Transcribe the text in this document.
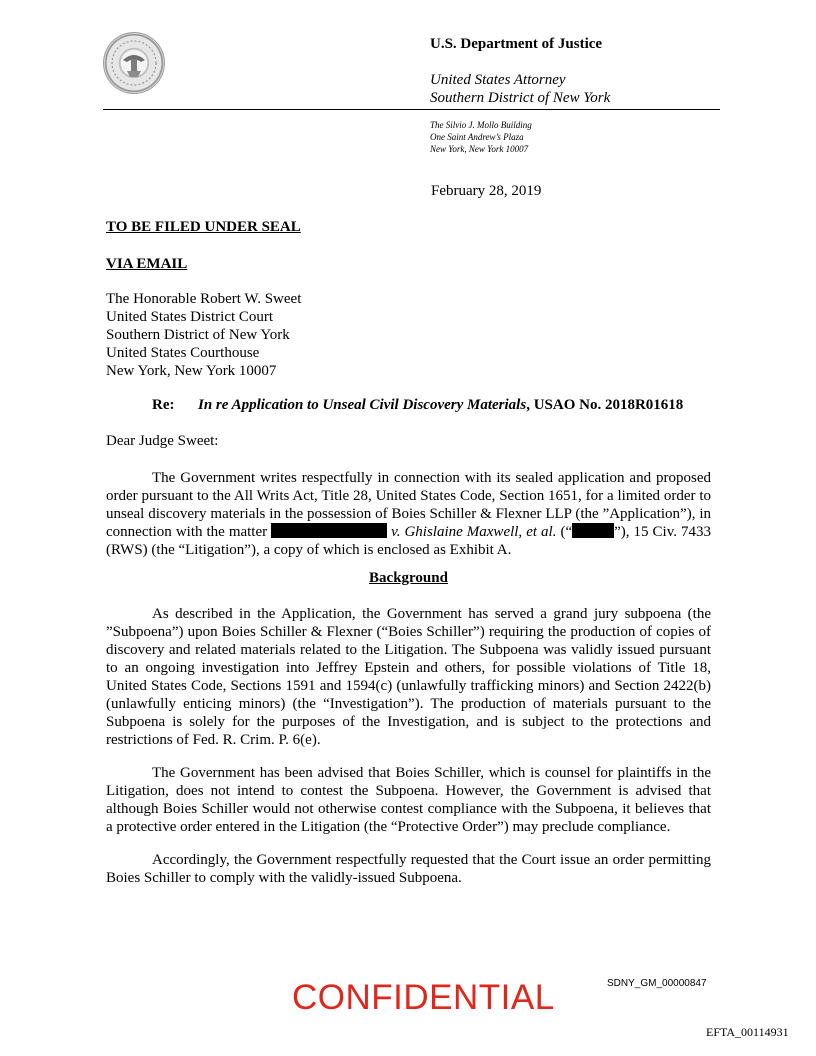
U.S. Department of Justice
United States Attorney
Southern District of New York
The Silvio J. Mollo Building
One Saint Andrew’s Plaza
New York, New York 10007
February 28, 2019
TO BE FILED UNDER SEAL
VIA EMAIL
The Honorable Robert W. Sweet
United States District Court
Southern District of New York
United States Courthouse
New York, New York 10007
Re: In re Application to Unseal Civil Discovery Materials, USAO No. 2018R01618
Dear Judge Sweet:
The Government writes respectfully in connection with its sealed application and proposed order pursuant to the All Writs Act, Title 28, United States Code, Section 1651, for a limited order to unseal discovery materials in the possession of Boies Schiller & Flexner LLP (the ”Application”), in connection with the matter	v. Ghislaine Maxwell, et al. (“	”), 15 Civ. 7433 (RWS) (the “Litigation”), a copy of which is enclosed as Exhibit A.
Background
As described in the Application, the Government has served a grand jury subpoena (the ”Subpoena”) upon Boies Schiller & Flexner (“Boies Schiller”) requiring the production of copies of discovery and related materials related to the Litigation. The Subpoena was validly issued pursuant to an ongoing investigation into Jeffrey Epstein and others, for possible violations of Title 18, United States Code, Sections 1591 and 1594(c) (unlawfully trafficking minors) and Section 2422(b) (unlawfully enticing minors) (the “Investigation”). The production of materials pursuant to the Subpoena is solely for the purposes of the Investigation, and is subject to the protections and restrictions of Fed. R. Crim. P. 6(e).
The Government has been advised that Boies Schiller, which is counsel for plaintiffs in the Litigation, does not intend to contest the Subpoena. However, the Government is advised that although Boies Schiller would not otherwise contest compliance with the Subpoena, it believes that a protective order entered in the Litigation (the “Protective Order”) may preclude compliance.
Accordingly, the Government respectfully requested that the Court issue an order permitting Boies Schiller to comply with the validly-issued Subpoena.
CONFIDENTIAL	SDNY_GM_00000847
EFTA_00114931
